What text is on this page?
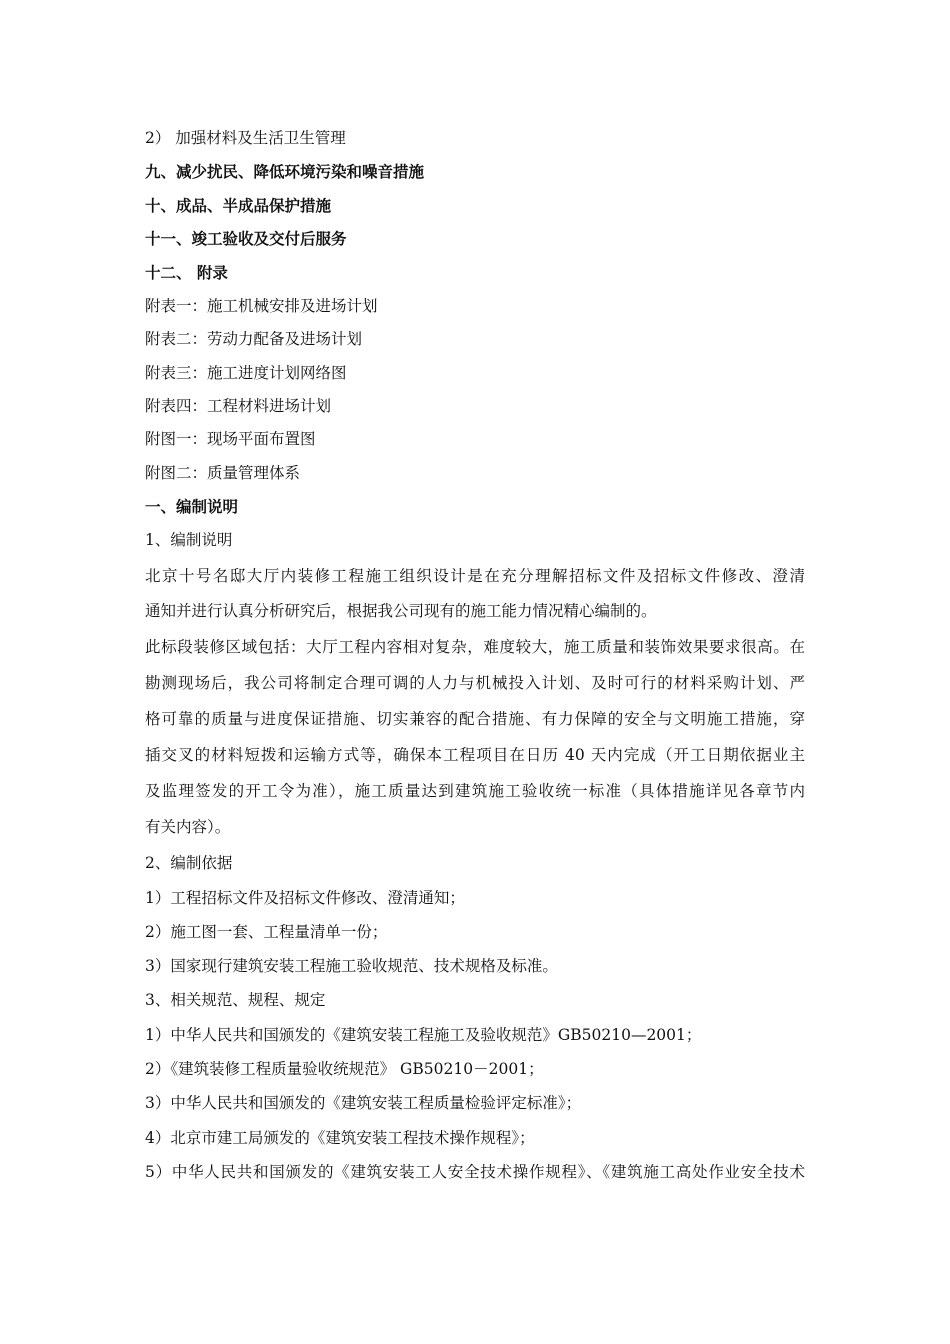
2） 加强材料及生活卫生管理
九、减少扰民、降低环境污染和噪音措施
十、成品、半成品保护措施
十一、竣工验收及交付后服务
十二、 附录
附表一：施工机械安排及进场计划
附表二：劳动力配备及进场计划
附表三：施工进度计划网络图
附表四：工程材料进场计划
附图一：现场平面布置图
附图二：质量管理体系
一、编制说明
1、编制说明
北京十号名邸大厅内装修工程施工组织设计是在充分理解招标文件及招标文件修改、澄清
通知并进行认真分析研究后，根据我公司现有的施工能力情况精心编制的。
此标段装修区域包括：大厅工程内容相对复杂，难度较大，施工质量和装饰效果要求很高。在
勘测现场后，我公司将制定合理可调的人力与机械投入计划、及时可行的材料采购计划、严
格可靠的质量与进度保证措施、切实兼容的配合措施、有力保障的安全与文明施工措施，穿
插交叉的材料短拨和运输方式等，确保本工程项目在日历 40 天内完成（开工日期依据业主
及监理签发的开工令为准），施工质量达到建筑施工验收统一标准（具体措施详见各章节内
有关内容）。
2、编制依据
1）工程招标文件及招标文件修改、澄清通知；
2）施工图一套、工程量清单一份；
3）国家现行建筑安装工程施工验收规范、技术规格及标准。
3、相关规范、规程、规定
1）中华人民共和国颁发的《建筑安装工程施工及验收规范》GB50210—2001；
2）《建筑装修工程质量验收统规范》 GB50210－2001；
3）中华人民共和国颁发的《建筑安装工程质量检验评定标准》；
4）北京市建工局颁发的《建筑安装工程技术操作规程》；
5）中华人民共和国颁发的《建筑安装工人安全技术操作规程》、《建筑施工高处作业安全技术
